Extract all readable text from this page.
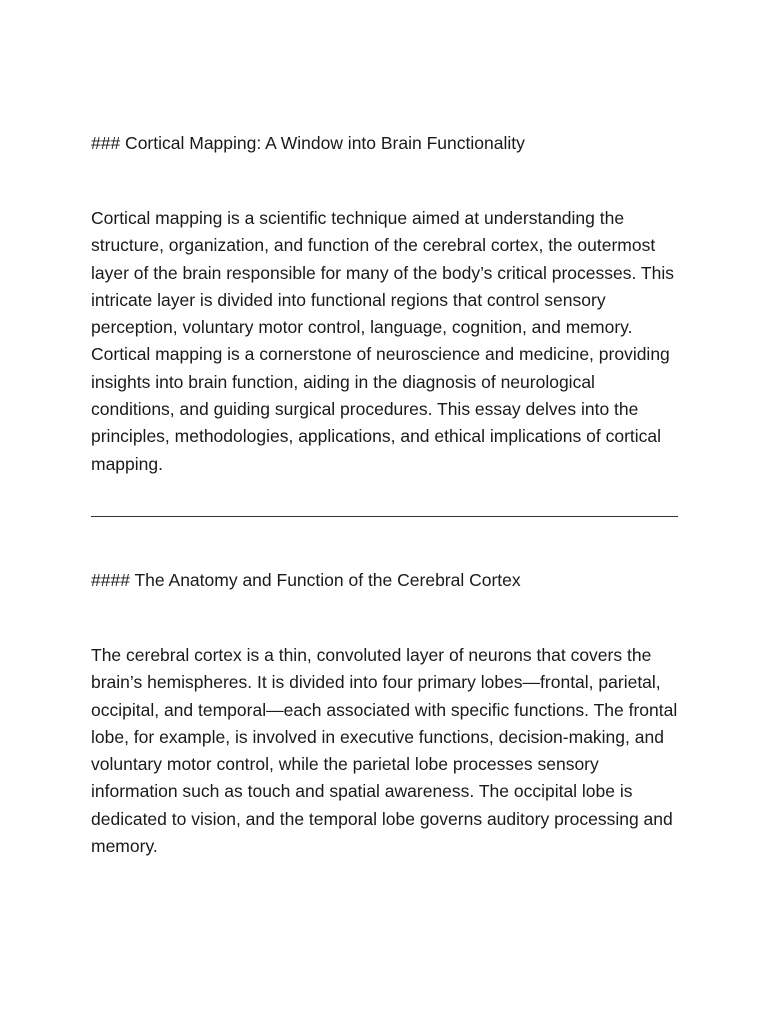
### Cortical Mapping: A Window into Brain Functionality

Cortical mapping is a scientific technique aimed at understanding the structure, organization, and function of the cerebral cortex, the outermost layer of the brain responsible for many of the body’s critical processes. This intricate layer is divided into functional regions that control sensory perception, voluntary motor control, language, cognition, and memory. Cortical mapping is a cornerstone of neuroscience and medicine, providing insights into brain function, aiding in the diagnosis of neurological conditions, and guiding surgical procedures. This essay delves into the principles, methodologies, applications, and ethical implications of cortical mapping.

#### The Anatomy and Function of the Cerebral Cortex

The cerebral cortex is a thin, convoluted layer of neurons that covers the brain’s hemispheres. It is divided into four primary lobes—frontal, parietal, occipital, and temporal—each associated with specific functions. The frontal lobe, for example, is involved in executive functions, decision-making, and voluntary motor control, while the parietal lobe processes sensory information such as touch and spatial awareness. The occipital lobe is dedicated to vision, and the temporal lobe governs auditory processing and memory.
